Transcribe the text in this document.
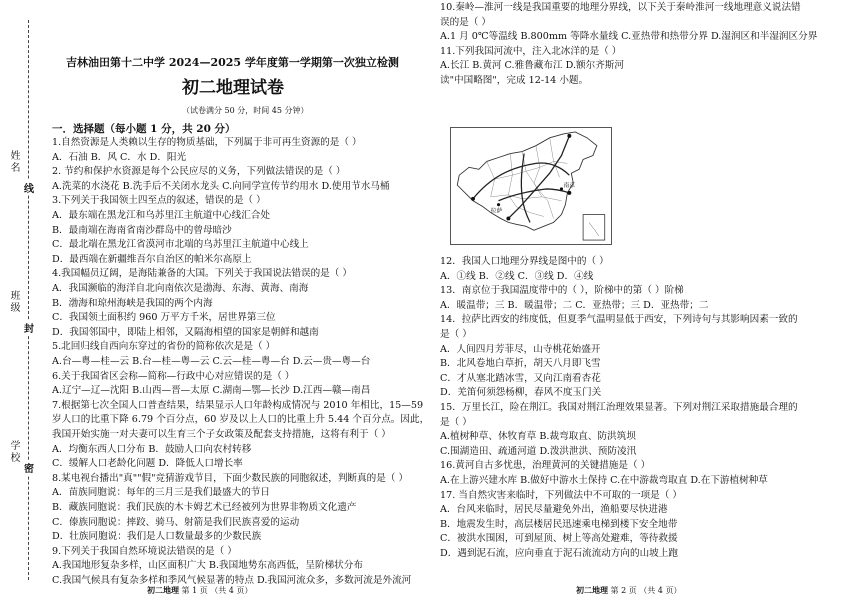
姓名
班级
学校
线
封
密
吉林油田第十二中学 2024—2025 学年度第一学期第一次独立检测
初二地理试卷
（试卷满分 50 分，时间 45 分钟）
一．选择题（每小题 1 分，共 20 分）
1.自然资源是人类赖以生存的物质基础，下列属于非可再生资源的是（ ）
A．石油 B．风 C．水 D．阳光
2. 节约和保护水资源是每个公民应尽的义务，下列做法错误的是（ ）
A.洗菜的水浇花 B.洗手后不关闭水龙头 C.向同学宣传节约用水 D.使用节水马桶
3.下列关于我国领土四至点的叙述，错误的是（ ）
A．最东端在黑龙江和乌苏里江主航道中心线汇合处
B．最南端在海南省南沙群岛中的曾母暗沙
C．最北端在黑龙江省漠河市北端的乌苏里江主航道中心线上
D．最西端在新疆维吾尔自治区的帕米尔高原上
4.我国幅员辽阔，是海陆兼备的大国。下列关于我国说法错误的是（ ）
A．我国濒临的海洋自北向南依次是渤海、东海、黄海、南海
B．渤海和琼州海峡是我国的两个内海
C．我国领土面积约 960 万平方千米，居世界第三位
D．我国邻国中，即陆上相邻，又隔海相望的国家是朝鲜和越南
5.北回归线自西向东穿过的省份的简称依次是是（ ）
A.台—粤—桂—云 B.台—桂—粤—云 C.云—桂—粤—台 D.云—贵—粤—台
6.关于我国省区会称—简称—行政中心对应错误的是（ ）
A.辽宁—辽—沈阳 B.山西—晋—太原 C.湖南—鄂—长沙 D.江西—赣—南昌
7.根据第七次全国人口普查结果，结果显示人口年龄构成情况与 2010 年相比，15—59
岁人口的比重下降 6.79 个百分点，60 岁及以上人口的比重上升 5.44 个百分点。因此，
我国开始实施一对夫妻可以生育三个子女政策及配套支持措施，这将有利于（ ）
A．均衡东西人口分布 B．鼓励人口向农村转移
C．缓解人口老龄化问题 D．降低人口增长率
8.某电视台播出"真""假"竞猜游戏节目，下面少数民族的同胞叙述，判断真的是（ ）
A．苗族同胞说：每年的三月三是我们最盛大的节日
B．藏族同胞说：我们民族的木卡姆艺术已经被列为世界非物质文化遗产
C．傣族同胞说：摔跤、骑马、射箭是我们民族喜爱的运动
D．壮族同胞说：我们是人口数量最多的少数民族
9.下列关于我国自然环境说法错误的是（ ）
A.我国地形复杂多样，山区面积广大 B.我国地势东高西低，呈阶梯状分布
C.我国气候具有复杂多样和季风气候显著的特点 D.我国河流众多，多数河流是外流河
10.秦岭—淮河一线是我国重要的地理分界线，以下关于秦岭淮河一线地理意义说法错
误的是（ ）
A.1 月 0℃等温线 B.800mm 等降水量线 C.亚热带和热带分界 D.湿润区和半湿润区分界
11.下列我国河流中，注入北冰洋的是（ ）
A.长江 B.黄河 C.雅鲁藏布江 D.额尔齐斯河
读"中国略图"，完成 12-14 小题。
12．我国人口地理分界线是图中的（ ）
A．①线 B．②线 C．③线 D．④线
13．南京位于我国温度带中的（ ），阶梯中的第（ ）阶梯
A．暖温带；三 B．暖温带；二 C．亚热带；三 D．亚热带；二
14．拉萨比西安的纬度低，但夏季气温明显低于西安，下列诗句与其影响因素一致的
是（ ）
A．人间四月芳菲尽，山寺桃花始盛开
B．北风卷地白草折，胡天八月即飞雪
C．才从塞北踏冰雪，又向江南看杏花
D．羌笛何须怨杨柳，春风不度玉门关
15．万里长江，险在荆江。我国对荆江治理效果显著。下列对荆江采取措施最合理的
是（ ）
A.植树种草、休牧育草 B.裁弯取直、防洪筑坝
C.围湖造田、疏通河道 D.泼洪泄洪、预防凌汛
16.黄河自古多忧患，治理黄河的关键措施是（ ）
A.在上游兴建水库 B.做好中游水土保持 C.在中游裁弯取直 D.在下游植树种草
17. 当自然灾害来临时，下列做法中不可取的一项是（ ）
A．台风来临时，居民尽量避免外出，渔船要尽快进港
B．地震发生时，高层楼居民迅速乘电梯到楼下安全地带
C．被洪水围困，可到屋顶、树上等高处避难，等待救援
D．遇到泥石流，应向垂直于泥石流流动方向的山坡上跑
拉萨
南京
初二地理 第 1 页 （共 4 页）	初二地理 第 2 页 （共 4 页）
